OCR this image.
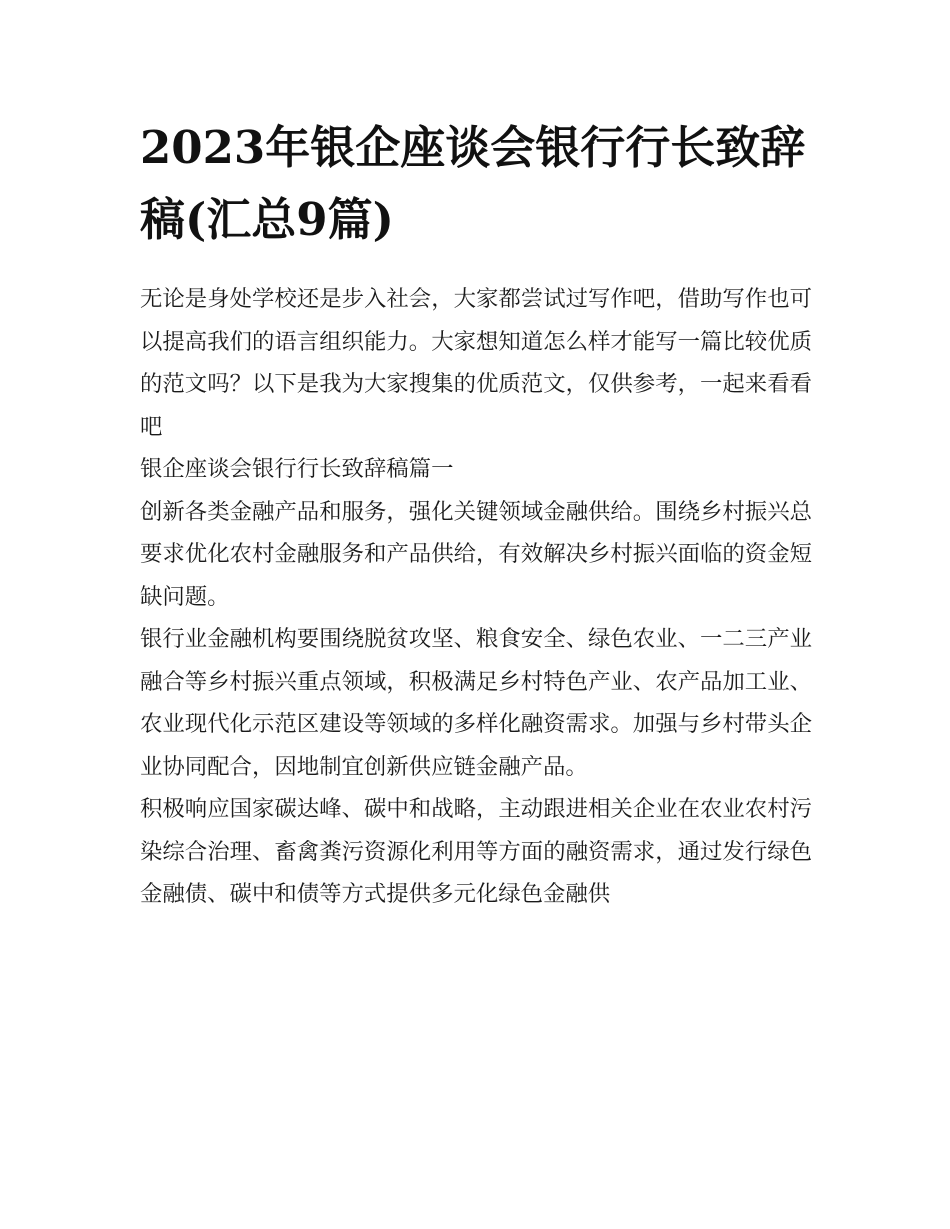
2023年银企座谈会银行行长致辞稿(汇总9篇)

无论是身处学校还是步入社会，大家都尝试过写作吧，借助写作也可以提高我们的语言组织能力。大家想知道怎么样才能写一篇比较优质的范文吗？以下是我为大家搜集的优质范文，仅供参考，一起来看看吧

银企座谈会银行行长致辞稿篇一

创新各类金融产品和服务，强化关键领域金融供给。围绕乡村振兴总要求优化农村金融服务和产品供给，有效解决乡村振兴面临的资金短缺问题。

银行业金融机构要围绕脱贫攻坚、粮食安全、绿色农业、一二三产业融合等乡村振兴重点领域，积极满足乡村特色产业、农产品加工业、农业现代化示范区建设等领域的多样化融资需求。加强与乡村带头企业协同配合，因地制宜创新供应链金融产品。

积极响应国家碳达峰、碳中和战略，主动跟进相关企业在农业农村污染综合治理、畜禽粪污资源化利用等方面的融资需求，通过发行绿色金融债、碳中和债等方式提供多元化绿色金融供
